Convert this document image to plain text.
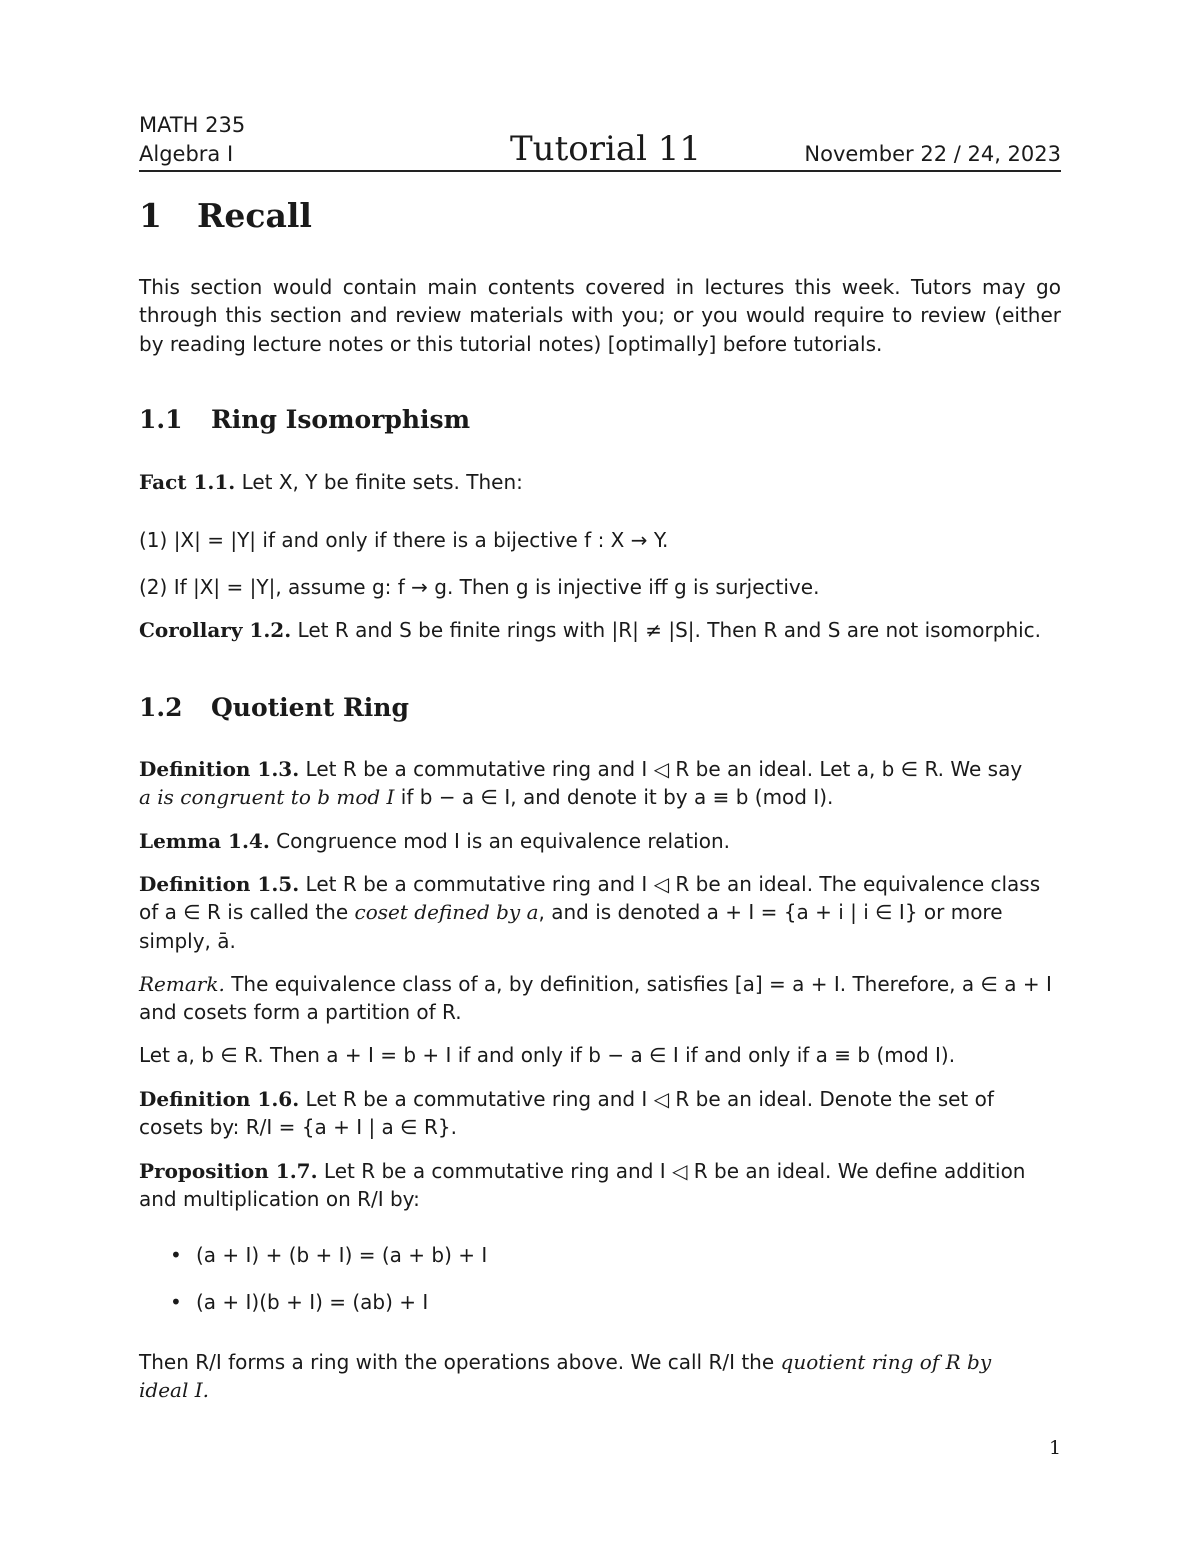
MATH 235
Algebra I	Tutorial 11	November 22 / 24, 2023
1 Recall
This section would contain main contents covered in lectures this week. Tutors may go
through this section and review materials with you; or you would require to review (either
by reading lecture notes or this tutorial notes) [optimally] before tutorials.
1.1 Ring Isomorphism
Fact 1.1. Let X, Y be finite sets. Then:
(1) |X| = |Y| if and only if there is a bijective f : X → Y.
(2) If |X| = |Y|, assume g: f → g. Then g is injective iff g is surjective.
Corollary 1.2. Let R and S be finite rings with |R| ≠ |S|. Then R and S are not isomorphic.
1.2 Quotient Ring
Definition 1.3. Let R be a commutative ring and I ◁ R be an ideal. Let a, b ∈ R. We say
a is congruent to b mod I if b − a ∈ I, and denote it by a ≡ b (mod I).
Lemma 1.4. Congruence mod I is an equivalence relation.
Definition 1.5. Let R be a commutative ring and I ◁ R be an ideal. The equivalence class
of a ∈ R is called the coset defined by a, and is denoted a + I = {a + i | i ∈ I} or more
simply, ā.
Remark. The equivalence class of a, by definition, satisfies [a] = a + I. Therefore, a ∈ a + I
and cosets form a partition of R.
Let a, b ∈ R. Then a + I = b + I if and only if b − a ∈ I if and only if a ≡ b (mod I).
Definition 1.6. Let R be a commutative ring and I ◁ R be an ideal. Denote the set of
cosets by: R/I = {a + I | a ∈ R}.
Proposition 1.7. Let R be a commutative ring and I ◁ R be an ideal. We define addition
and multiplication on R/I by:
• (a + I) + (b + I) = (a + b) + I
• (a + I)(b + I) = (ab) + I
Then R/I forms a ring with the operations above. We call R/I the quotient ring of R by
ideal I.
1
